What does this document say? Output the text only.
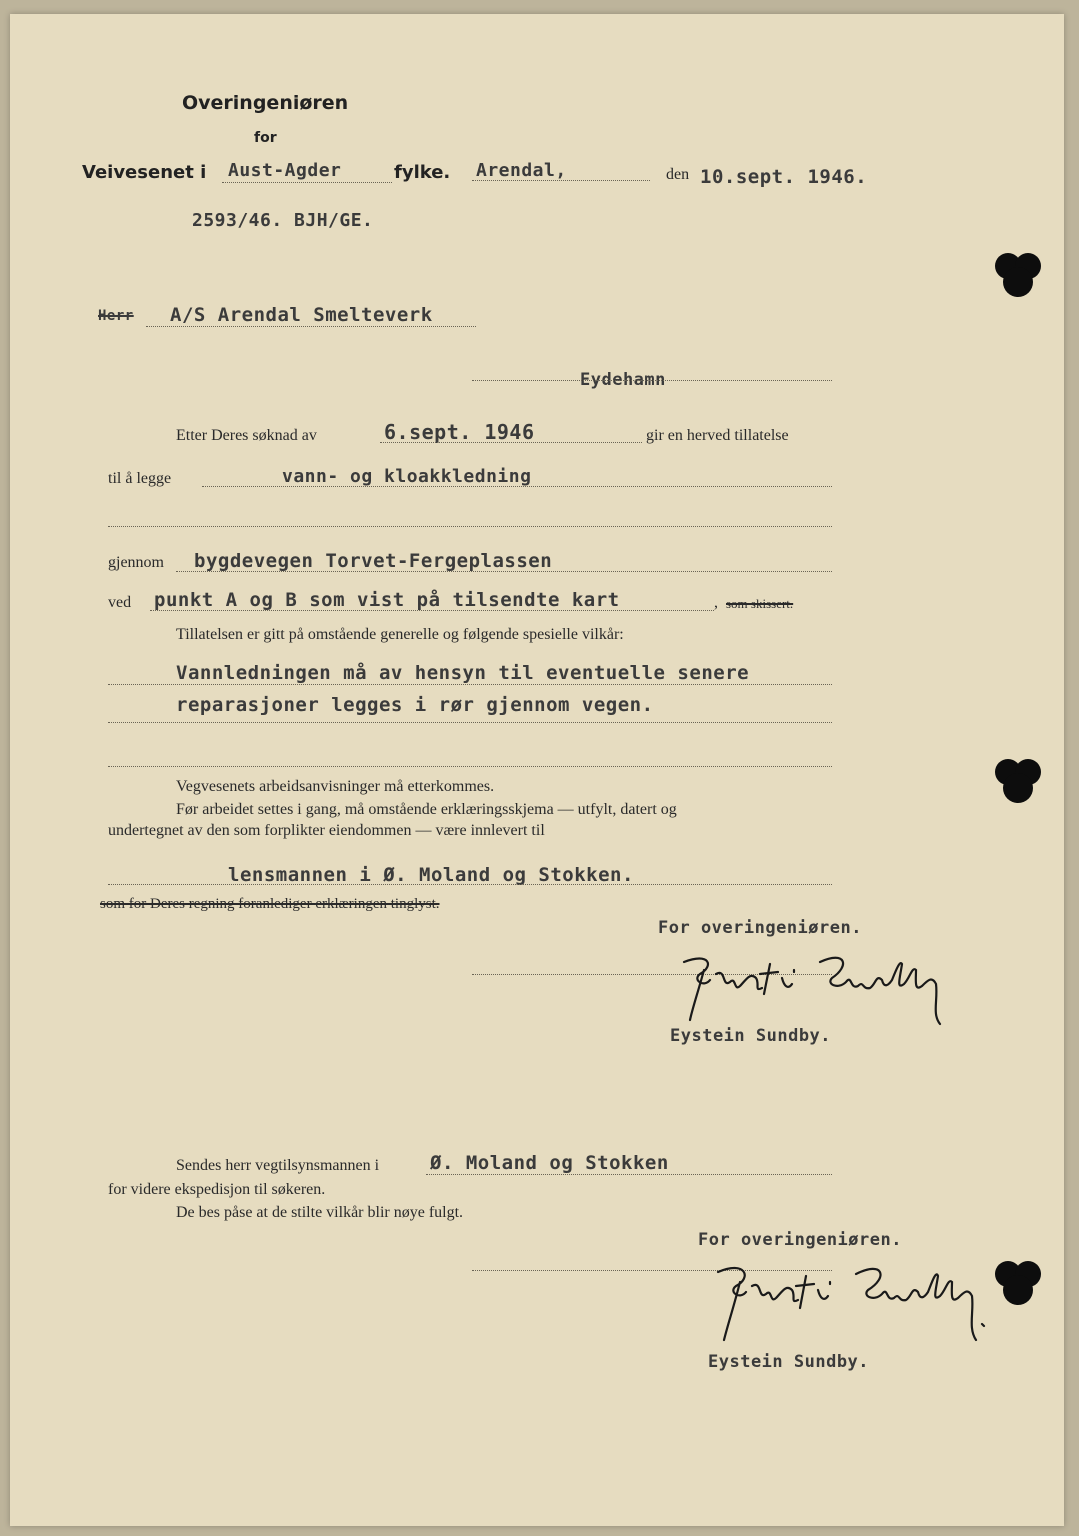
Overingeniøren
for
Veivesenet i Aust-Agder	fylke. Arendal,	den 10.sept. 1946.
2593/46. BJH/GE.
Herr A/S Arendal Smelteverk
Eydehamn
Etter Deres søknad av	6.sept. 1946	gir en herved tillatelse
til å legge	vann- og kloakkledning
gjennom bygdevegen Torvet-Fergeplassen
ved punkt A og B som vist på tilsendte kart	, som skissert.
Tillatelsen er gitt på omstående generelle og følgende spesielle vilkår:
Vannledningen må av hensyn til eventuelle senere
reparasjoner legges i rør gjennom vegen.
Vegvesenets arbeidsanvisninger må etterkommes.
Før arbeidet settes i gang, må omstående erklæringsskjema — utfylt, datert og
undertegnet av den som forplikter eiendommen — være innlevert til
lensmannen i Ø. Moland og Stokken.
som for Deres regning foranlediger erklæringen tinglyst.
For overingeniøren.
Eystein Sundby.
Sendes herr vegtilsynsmannen i	Ø. Moland og Stokken
for videre ekspedisjon til søkeren.
De bes påse at de stilte vilkår blir nøye fulgt.
For overingeniøren.
Eystein Sundby.
